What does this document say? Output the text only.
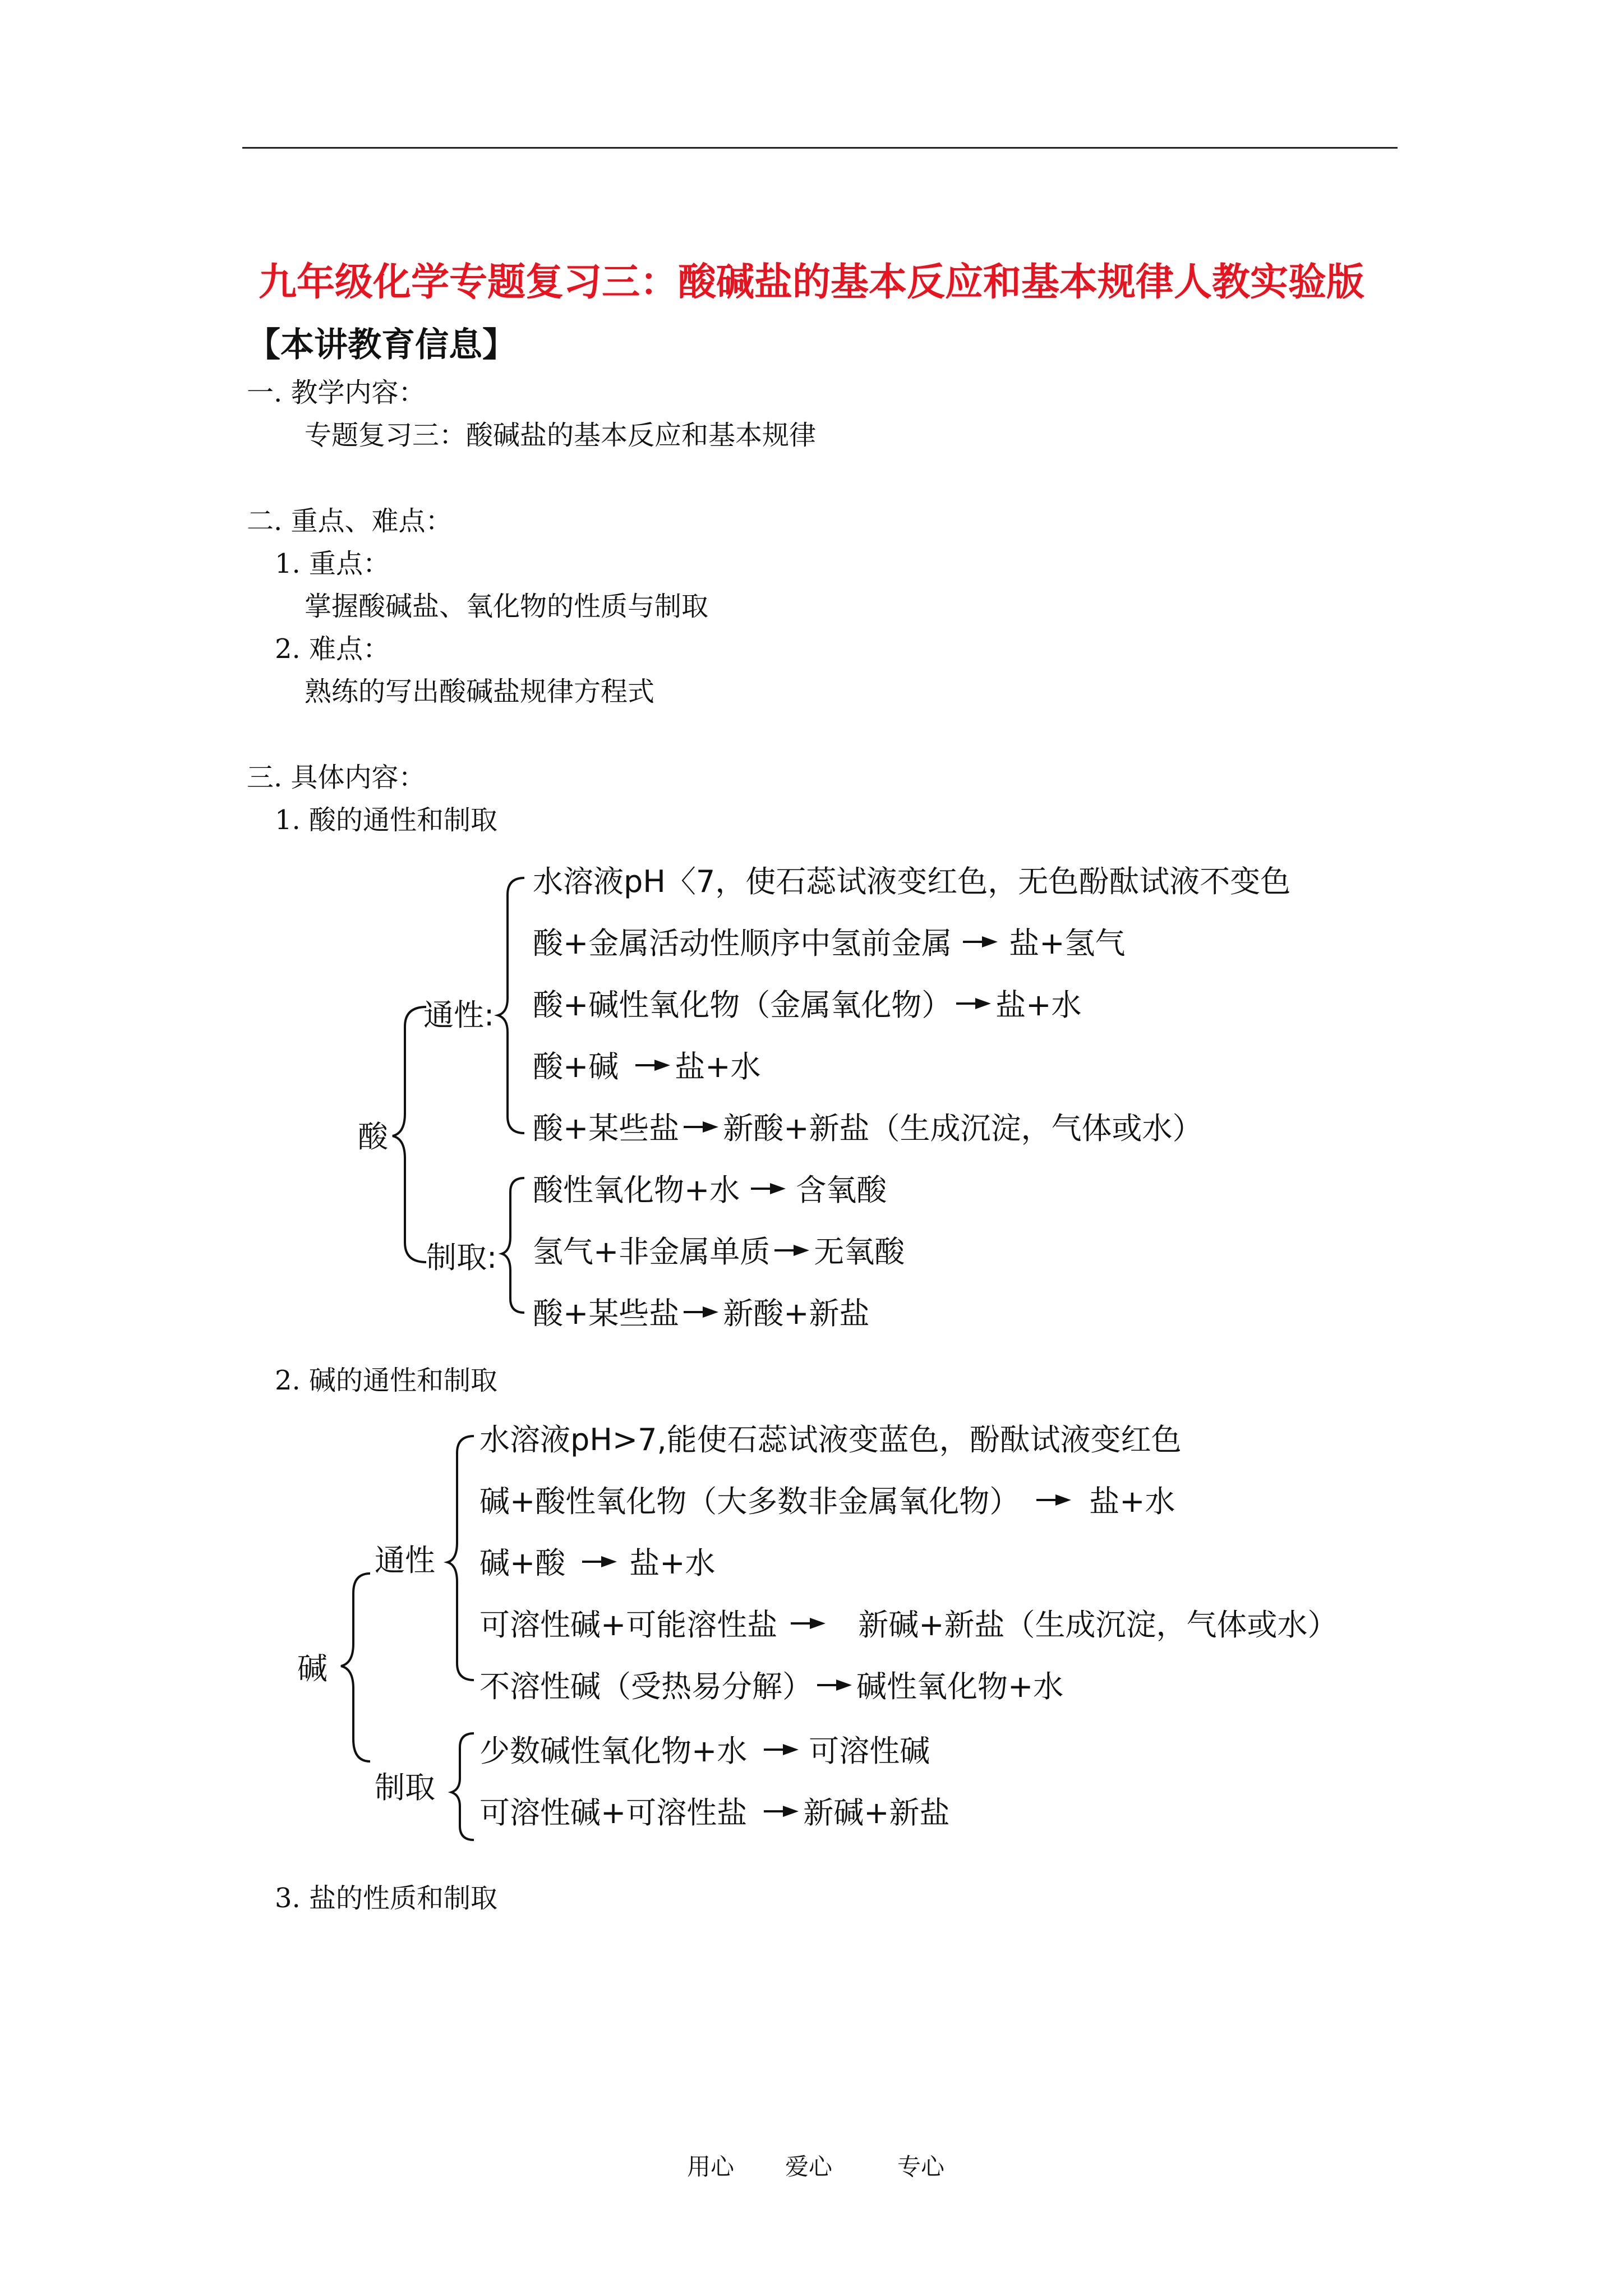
九年级化学专题复习三：酸碱盐的基本反应和基本规律人教实验版
【本讲教育信息】
一. 教学内容：
专题复习三：酸碱盐的基本反应和基本规律
二. 重点、难点：
1. 重点：
掌握酸碱盐、氧化物的性质与制取
2. 难点：
熟练的写出酸碱盐规律方程式
三. 具体内容：
1. 酸的通性和制取
酸
通性:
制取:
水溶液pH〈7，使石蕊试液变红色，无色酚酞试液不变色
酸+金属活动性顺序中氢前金属 盐+氢气
酸+碱性氧化物（金属氧化物） 盐+水
酸+碱 盐+水
酸+某些盐 新酸+新盐（生成沉淀，气体或水）
酸性氧化物+水 含氧酸
氢气+非金属单质 无氧酸
酸+某些盐 新酸+新盐
2. 碱的通性和制取
碱
通性
制取
水溶液pH>7,能使石蕊试液变蓝色，酚酞试液变红色
碱+酸性氧化物（大多数非金属氧化物） 盐+水
碱+酸 盐+水
可溶性碱+可能溶性盐	新碱+新盐（生成沉淀，气体或水）
不溶性碱（受热易分解） 碱性氧化物+水
少数碱性氧化物+水 可溶性碱
可溶性碱+可溶性盐 新碱+新盐
3. 盐的性质和制取
用心 爱心	专心
